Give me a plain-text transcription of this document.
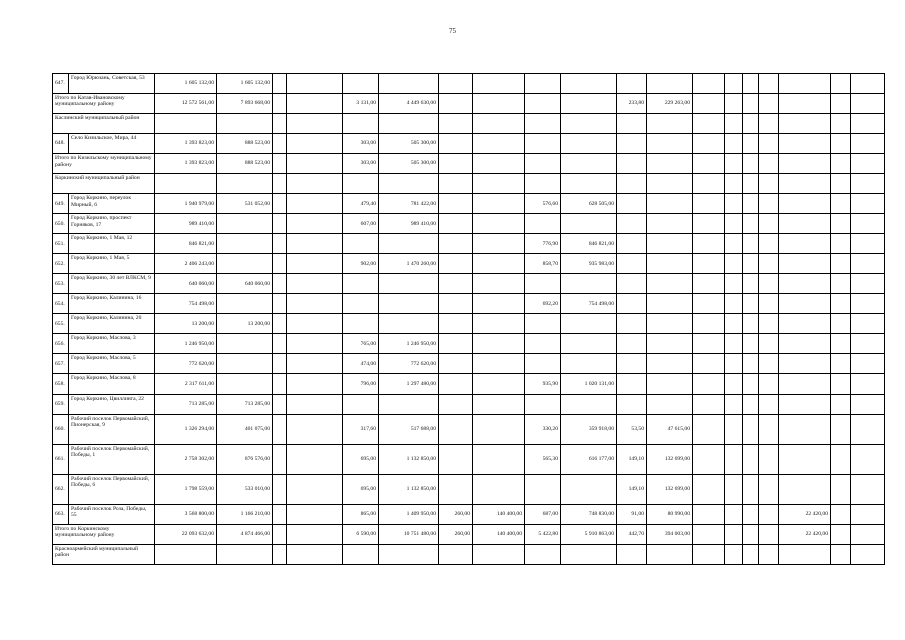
75
647.	Город Юрюзань, Советская, 53	1 605 132,00	1 605 132,00																	
Итого по Катав-Ивановскому муниципальному району		12 572 561,00	7 893 668,00			3 131,00	4 449 630,00					233,80	229 263,00							
Каслинский муниципальный район																				
648.	Село Кизильское, Мира, 44	1 393 823,00	888 523,00			303,00	505 300,00													
Итого по Кизильскому муниципальному району		1 393 823,00	888 523,00			303,00	505 300,00													
Коркинский муниципальный район																				
649.	Город Коркино, переулок Мирный, 6	1 940 979,00	531 052,00			479,40	781 422,00			576,60	628 505,00									
650.	Город Коркино, проспект Горняков, 17	989 410,00				607,00	989 410,00													
651.	Город Коркино, 1 Мая, 12	846 821,00								776,90	846 821,00									
652.	Город Коркино, 1 Мая, 5	2 406 243,00				902,00	1 470 260,00			858,70	935 983,00									
653.	Город Коркино, 30 лет ВЛКСМ, 9	640 060,00	640 060,00																	
654.	Город Коркино, Калинина, 16	754 498,00								692,20	754 498,00									
655.	Город Коркино, Калинина, 20	13 200,00	13 200,00																	
656.	Город Коркино, Маслова, 3	1 246 950,00				765,00	1 246 950,00													
657.	Город Коркино, Маслова, 5	772 620,00				474,00	772 620,00													
658.	Город Коркино, Маслова, 8	2 317 611,00				796,00	1 297 480,00			935,90	1 020 131,00									
659.	Город Коркино, Цвиллинга, 22	713 285,00	713 285,00																	
660.	Рабочий поселок Первомайский, Пионерская, 9	1 326 294,00	401 075,00			317,60	517 688,00			330,20	359 918,00	53,50	47 615,00							
661.	Рабочий поселок Первомайский, Победы, 1	2 758 302,00	876 576,00			695,00	1 132 850,00			565,30	616 177,00	149,10	132 699,00							
662.	Рабочий поселок Первомайский, Победы, 6	1 798 559,00	533 010,00			695,00	1 132 850,00					149,10	132 699,00							
663.	Рабочий поселок Роза, Победы, 55	3 568 800,00	1 166 210,00			865,00	1 409 950,00	260,00	140 400,00	687,00	748 830,00	91,00	80 990,00					22 420,00		
Итого по Коркинскому муниципальному району		22 093 632,00	4 874 466,00			6 590,00	10 751 480,00	260,00	140 400,00	5 422,80	5 910 863,00	442,70	394 003,00					22 420,00		
Красноармейский муниципальный район																				
